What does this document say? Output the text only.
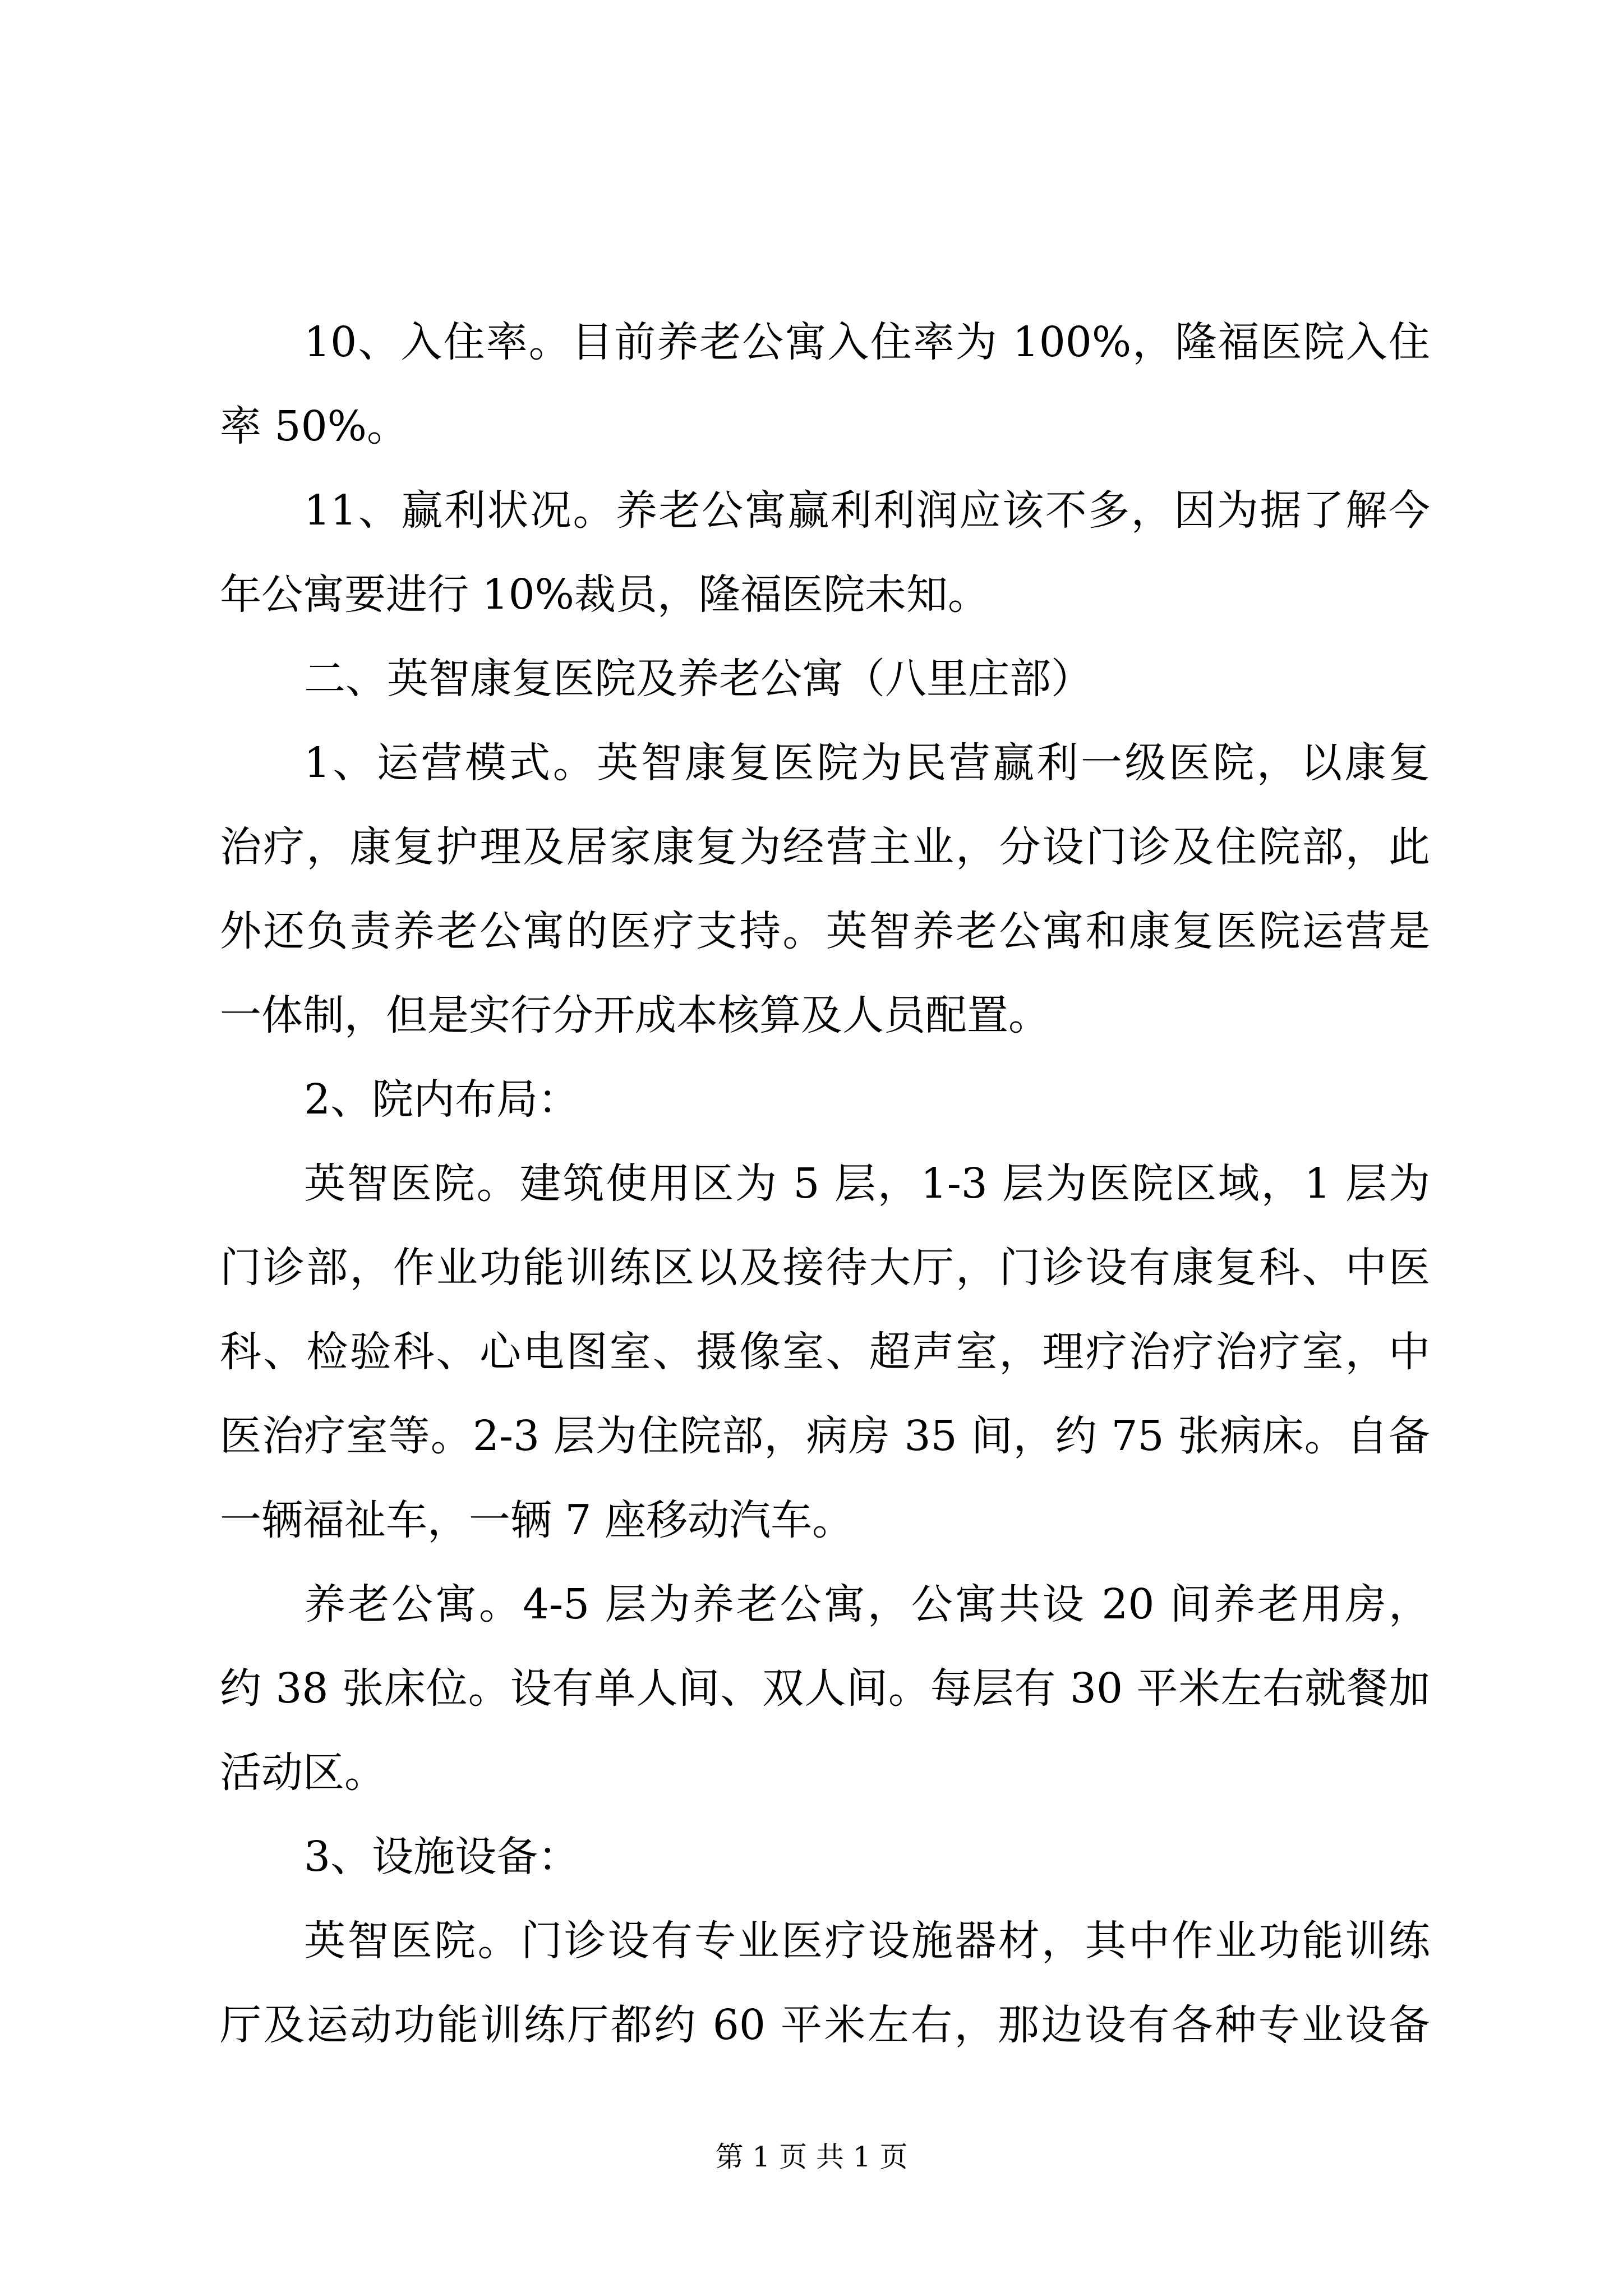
10、入住率。目前养老公寓入住率为 100%，隆福医院入住
率 50%。
11、赢利状况。养老公寓赢利利润应该不多，因为据了解今
年公寓要进行 10%裁员，隆福医院未知。
二、英智康复医院及养老公寓（八里庄部）
1、运营模式。英智康复医院为民营赢利一级医院，以康复
治疗，康复护理及居家康复为经营主业，分设门诊及住院部，此
外还负责养老公寓的医疗支持。英智养老公寓和康复医院运营是
一体制，但是实行分开成本核算及人员配置。
2、院内布局：
英智医院。建筑使用区为 5 层，1-3 层为医院区域，1 层为
门诊部，作业功能训练区以及接待大厅，门诊设有康复科、中医
科、检验科、心电图室、摄像室、超声室，理疗治疗治疗室，中
医治疗室等。2-3 层为住院部，病房 35 间，约 75 张病床。自备
一辆福祉车，一辆 7 座移动汽车。
养老公寓。4-5 层为养老公寓，公寓共设 20 间养老用房，
约 38 张床位。设有单人间、双人间。每层有 30 平米左右就餐加
活动区。
3、设施设备：
英智医院。门诊设有专业医疗设施器材，其中作业功能训练
厅及运动功能训练厅都约 60 平米左右，那边设有各种专业设备
第 1 页 共 1 页
